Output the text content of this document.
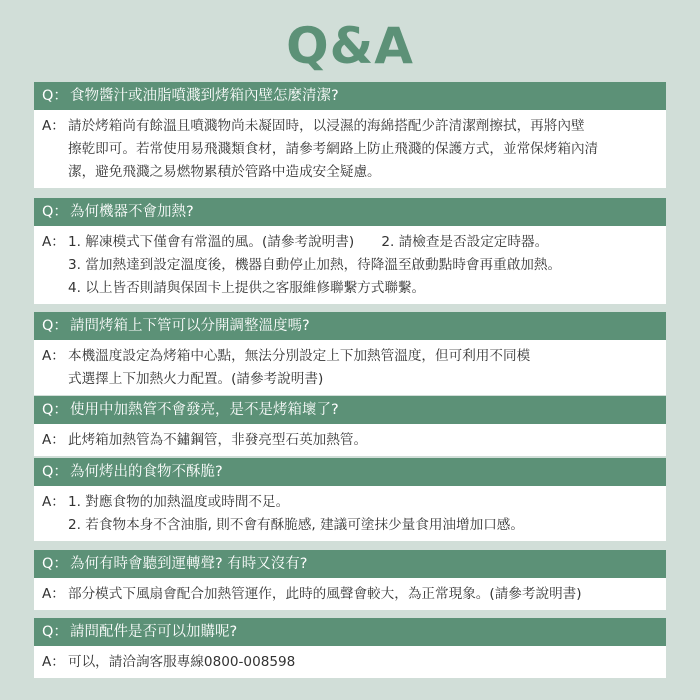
Q&A
Q： 食物醬汁或油脂噴濺到烤箱內壁怎麼清潔?
A： 請於烤箱尚有餘溫且噴濺物尚未凝固時，以浸濕的海綿搭配少許清潔劑擦拭，再將內壁
擦乾即可。若常使用易飛濺類食材，請參考網路上防止飛濺的保護方式，並常保烤箱內清
潔，避免飛濺之易燃物累積於管路中造成安全疑慮。
Q： 為何機器不會加熱?
A： 1. 解凍模式下僅會有常溫的風。(請參考說明書)　　2. 請檢查是否設定定時器。
3. 當加熱達到設定溫度後，機器自動停止加熱，待降溫至啟動點時會再重啟加熱。
4. 以上皆否則請與保固卡上提供之客服維修聯繫方式聯繫。
Q： 請問烤箱上下管可以分開調整溫度嗎?
A： 本機溫度設定為烤箱中心點，無法分別設定上下加熱管溫度，但可利用不同模
式選擇上下加熱火力配置。(請參考說明書)
Q： 使用中加熱管不會發亮，是不是烤箱壞了?
A： 此烤箱加熱管為不鏽鋼管，非發亮型石英加熱管。
Q： 為何烤出的食物不酥脆?
A： 1. 對應食物的加熱溫度或時間不足。
2. 若食物本身不含油脂, 則不會有酥脆感, 建議可塗抹少量食用油增加口感。
Q： 為何有時會聽到運轉聲? 有時又沒有?
A： 部分模式下風扇會配合加熱管運作，此時的風聲會較大，為正常現象。(請參考說明書)
Q： 請問配件是否可以加購呢?
A： 可以，請洽詢客服專線0800-008598
